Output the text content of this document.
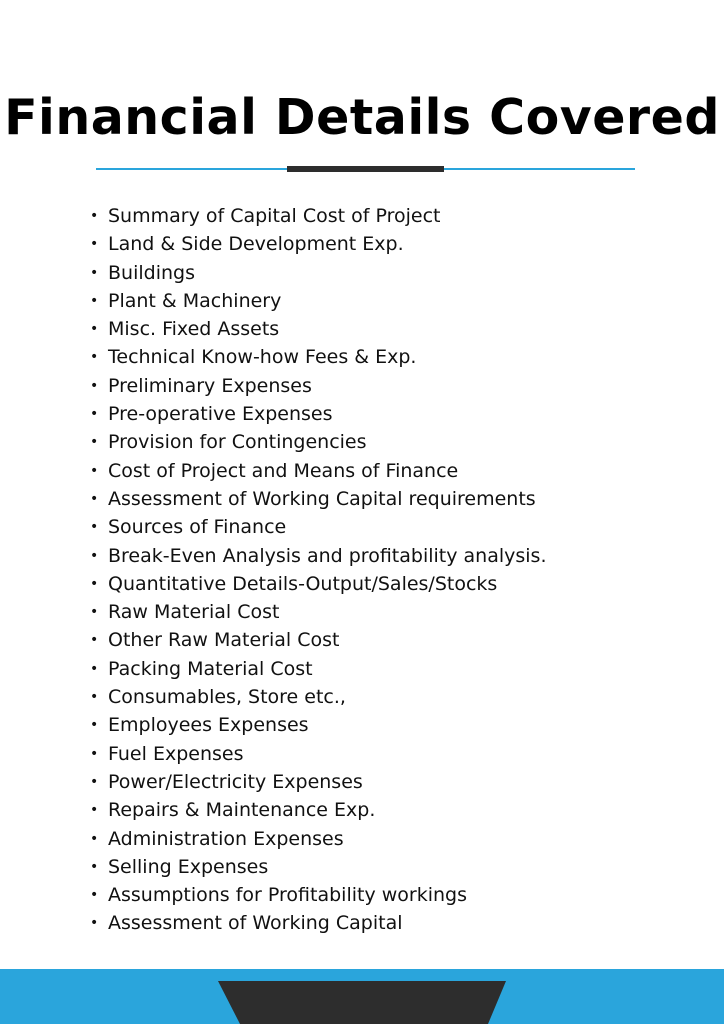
Financial Details Covered
• Summary of Capital Cost of Project
• Land & Side Development Exp.
• Buildings
• Plant & Machinery
• Misc. Fixed Assets
• Technical Know-how Fees & Exp.
• Preliminary Expenses
• Pre-operative Expenses
• Provision for Contingencies
• Cost of Project and Means of Finance
• Assessment of Working Capital requirements
• Sources of Finance
• Break-Even Analysis and profitability analysis.
• Quantitative Details-Output/Sales/Stocks
• Raw Material Cost
• Other Raw Material Cost
• Packing Material Cost
• Consumables, Store etc.,
• Employees Expenses
• Fuel Expenses
• Power/Electricity Expenses
• Repairs & Maintenance Exp.
• Administration Expenses
• Selling Expenses
• Assumptions for Profitability workings
• Assessment of Working Capital
